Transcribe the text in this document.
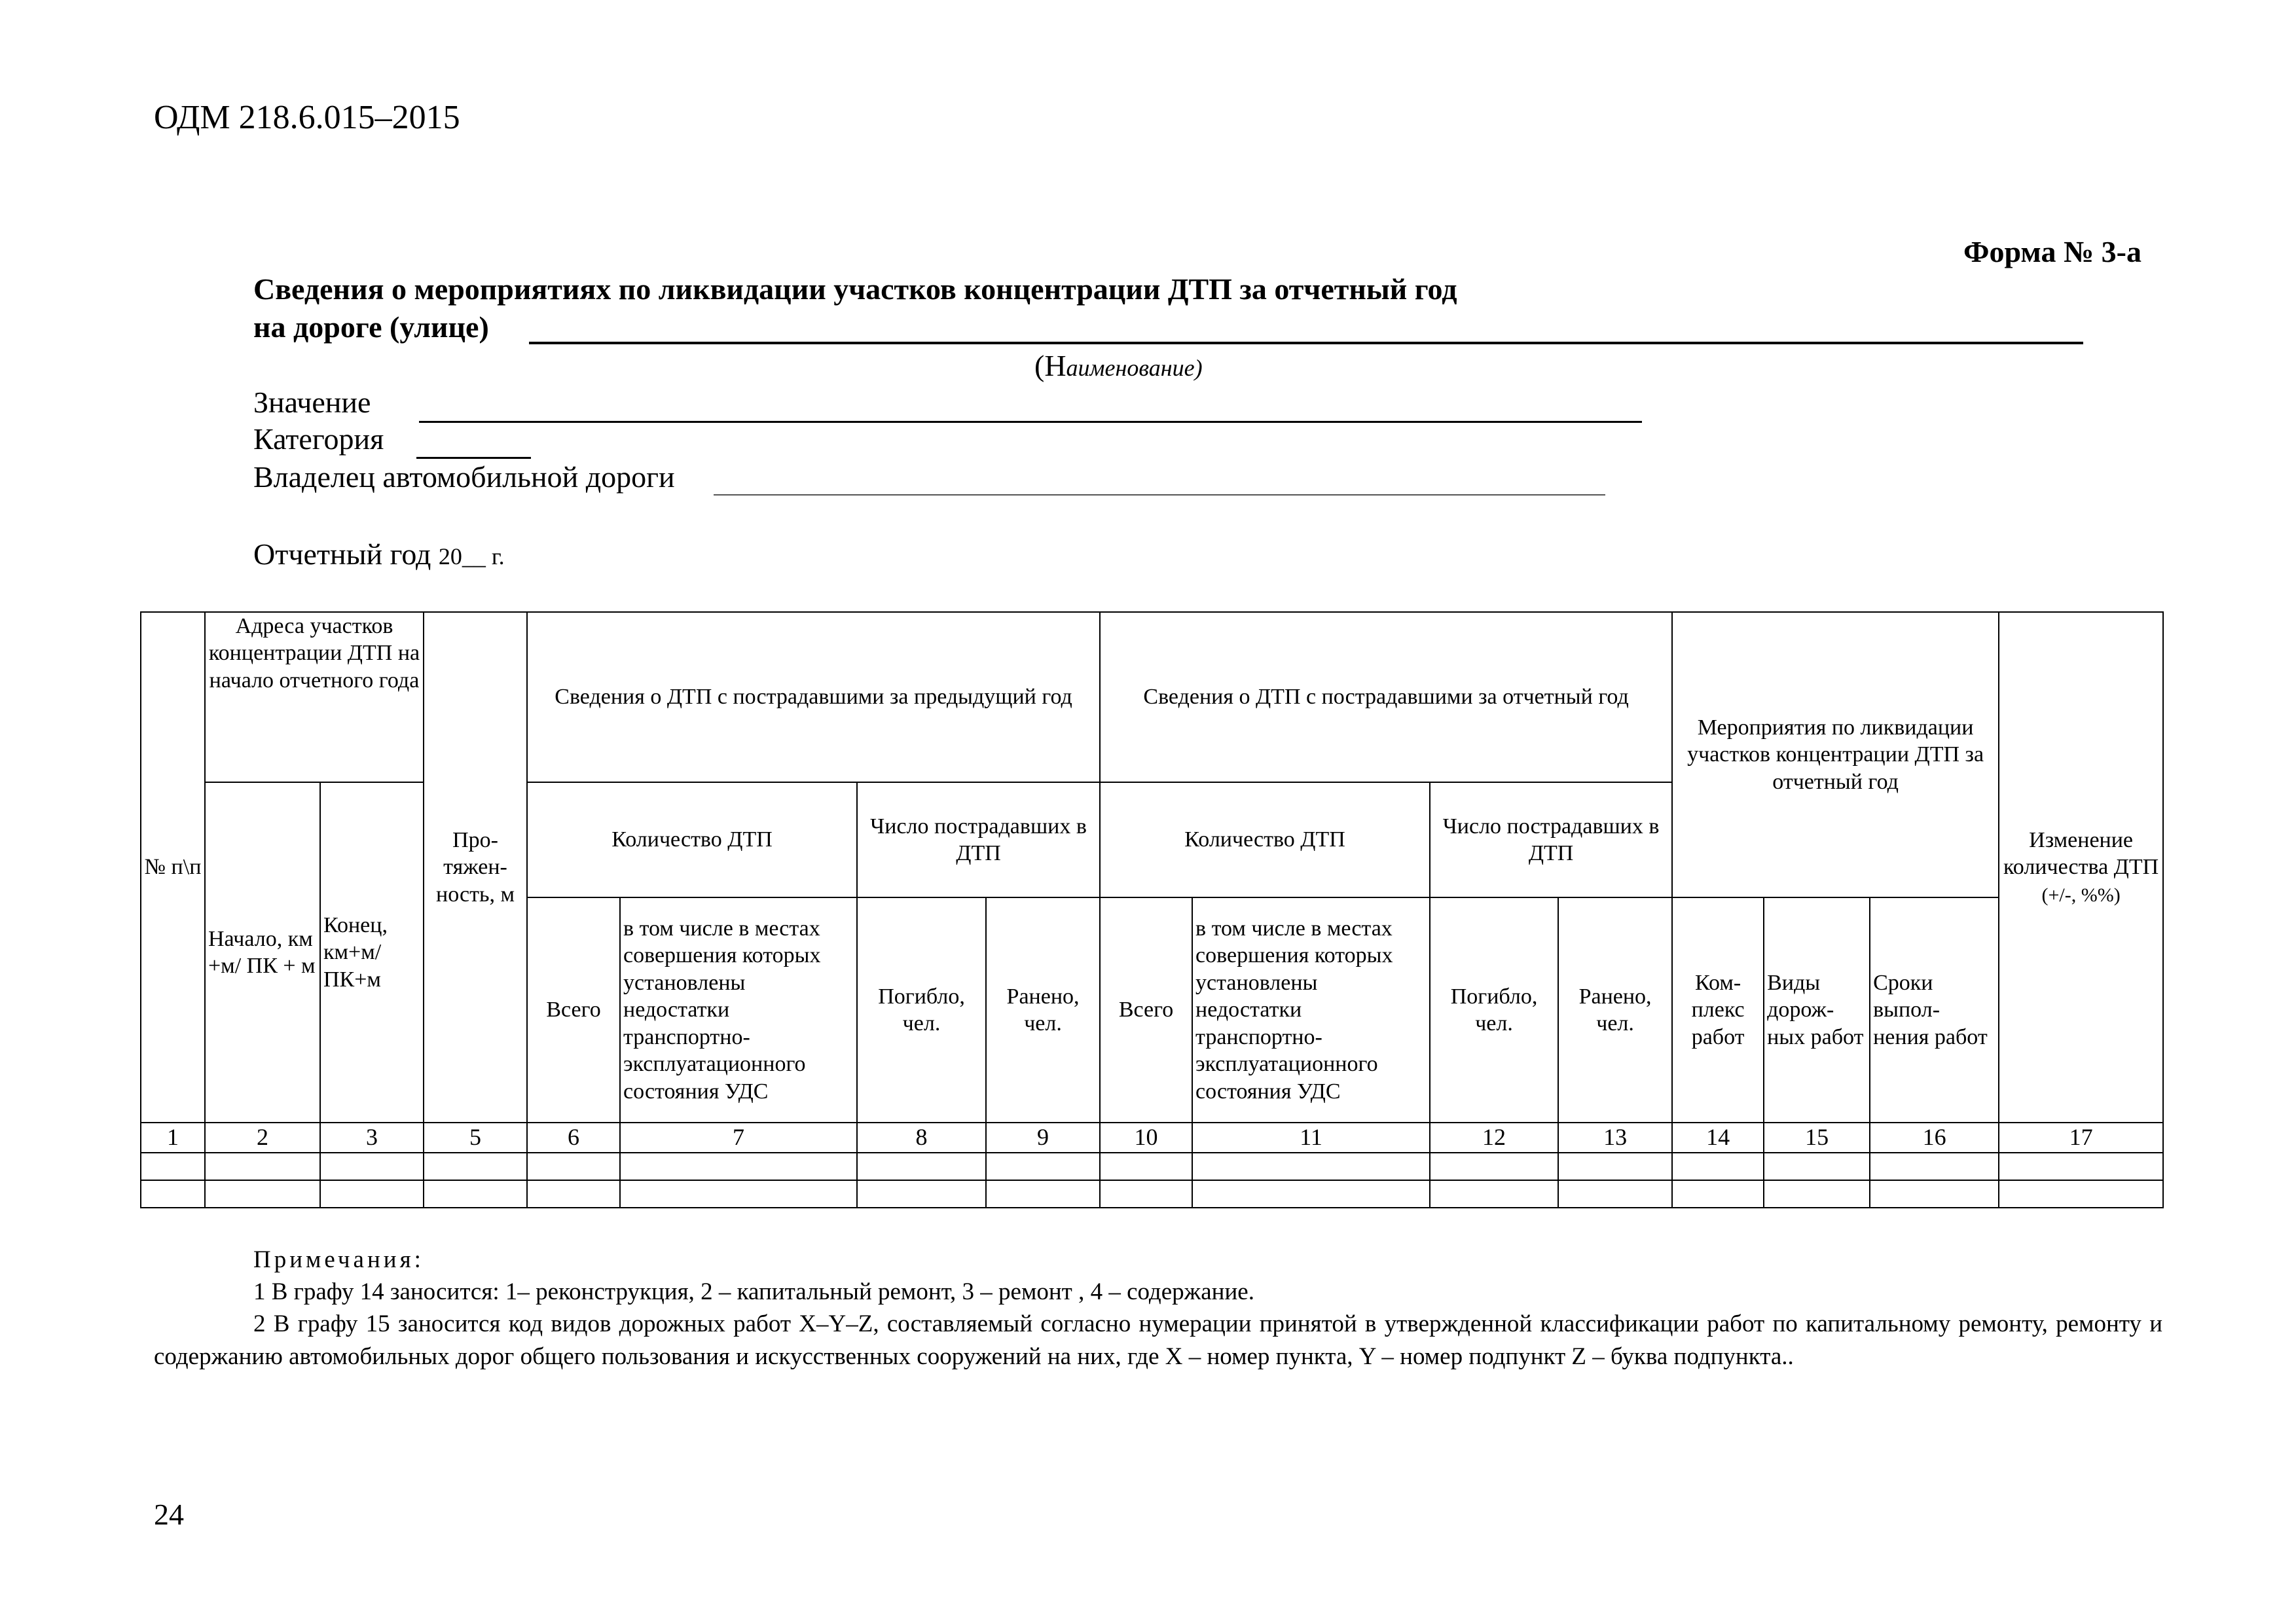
ОДМ 218.6.015–2015
Форма № 3-а
Сведения о мероприятиях по ликвидации участков концентрации ДТП за отчетный год
на дороге (улице)
(Наименование)
Значение
Категория
Владелец автомобильной дороги
Отчетный год 20__ г.
№ п\п	Адреса участков концентрации ДТП на начало отчетного года		Про-тяжен-ность, м	Сведения о ДТП с пострадавшими за предыдущий год				Сведения о ДТП с пострадавшими за отчетный год				Мероприятия по ликвидации участков концентрации ДТП за отчетный год			Изменение количества ДТП
(+/-, %%)
	Начало, км +м/ ПК + м	Конец, км+м/ ПК+м		Количество ДТП		Число пострадавших в ДТП		Количество ДТП		Число пострадавших в ДТП					
				Всего	в том числе в местах совершения которых установлены недостатки транспортно-эксплуатационного состояния УДС	Погибло, чел.	Ранено, чел.	Всего	в том числе в местах совершения которых установлены недостатки транспортно-эксплуатационного состояния УДС	Погибло, чел.	Ранено, чел.	Ком-плекс работ	Виды дорож-ных работ	Сроки выпол-нения работ	
1	2	3	5	6	7	8	9	10	11	12	13	14	15	16	17

Примечания:
1 В графу 14 заносится: 1– реконструкция, 2 – капитальный ремонт, 3 – ремонт , 4 – содержание.
2 В графу 15 заносится код видов дорожных работ X–Y–Z, составляемый согласно нумерации принятой в утвержденной классификации работ по капитальному ремонту, ремонту и содержанию автомобильных дорог общего пользования и искусственных сооружений на них, где X – номер пункта, Y – номер подпункт Z – буква подпункта..
24
